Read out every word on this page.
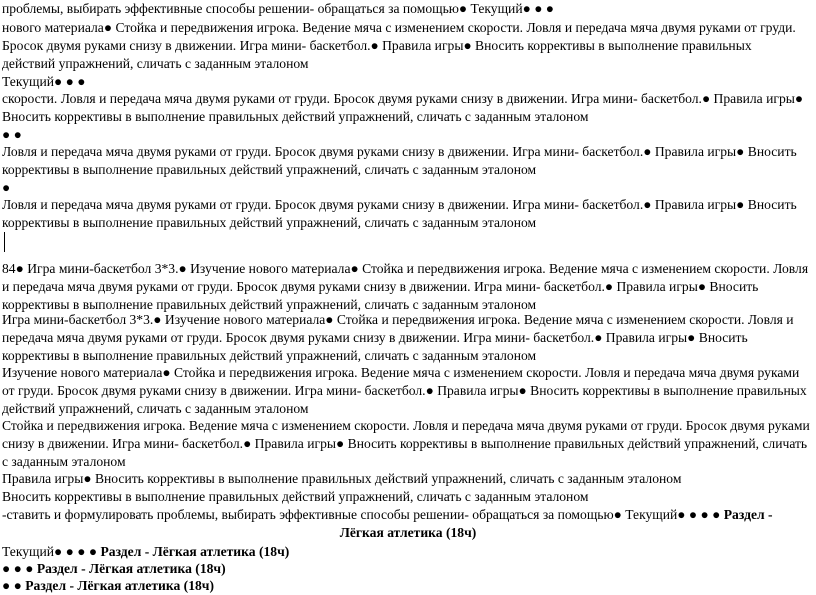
проблемы, выбирать эффективные способы решении- обращаться за помощью● Текущий● ● ●

нового материала● Стойка и передвижения игрока. Ведение мяча с изменением скорости. Ловля и передача мяча двумя руками от груди. Бросок двумя руками снизу в движении. Игра мини- баскетбол.● Правила игры● Вносить коррективы в выполнение правильных действий упражнений, сличать с заданным эталоном

Текущий● ● ●

скорости. Ловля и передача мяча двумя руками от груди. Бросок двумя руками снизу в движении. Игра мини- баскетбол.● Правила игры● Вносить коррективы в выполнение правильных действий упражнений, сличать с заданным эталоном

● ●

Ловля и передача мяча двумя руками от груди. Бросок двумя руками снизу в движении. Игра мини- баскетбол.● Правила игры● Вносить коррективы в выполнение правильных действий упражнений, сличать с заданным эталоном

●

Ловля и передача мяча двумя руками от груди. Бросок двумя руками снизу в движении. Игра мини- баскетбол.● Правила игры● Вносить коррективы в выполнение правильных действий упражнений, сличать с заданным эталоном

84● Игра мини-баскетбол 3*3.● Изучение нового материала● Стойка и передвижения игрока. Ведение мяча с изменением скорости. Ловля и передача мяча двумя руками от груди. Бросок двумя руками снизу в движении. Игра мини- баскетбол.● Правила игры● Вносить коррективы в выполнение правильных действий упражнений, сличать с заданным эталоном

Игра мини-баскетбол 3*3.● Изучение нового материала● Стойка и передвижения игрока. Ведение мяча с изменением скорости. Ловля и передача мяча двумя руками от груди. Бросок двумя руками снизу в движении. Игра мини- баскетбол.● Правила игры● Вносить коррективы в выполнение правильных действий упражнений, сличать с заданным эталоном

Изучение нового материала● Стойка и передвижения игрока. Ведение мяча с изменением скорости. Ловля и передача мяча двумя руками от груди. Бросок двумя руками снизу в движении. Игра мини- баскетбол.● Правила игры● Вносить коррективы в выполнение правильных действий упражнений, сличать с заданным эталоном

Стойка и передвижения игрока. Ведение мяча с изменением скорости. Ловля и передача мяча двумя руками от груди. Бросок двумя руками снизу в движении. Игра мини- баскетбол.● Правила игры● Вносить коррективы в выполнение правильных действий упражнений, сличать с заданным эталоном

Правила игры● Вносить коррективы в выполнение правильных действий упражнений, сличать с заданным эталоном

Вносить коррективы в выполнение правильных действий упражнений, сличать с заданным эталоном

-ставить и формулировать проблемы, выбирать эффективные способы решении- обращаться за помощью● Текущий● ● ● ● Раздел -

Лёгкая атлетика (18ч)

Текущий● ● ● ● Раздел - Лёгкая атлетика (18ч)

● ● ● Раздел - Лёгкая атлетика (18ч)

● ● Раздел - Лёгкая атлетика (18ч)
